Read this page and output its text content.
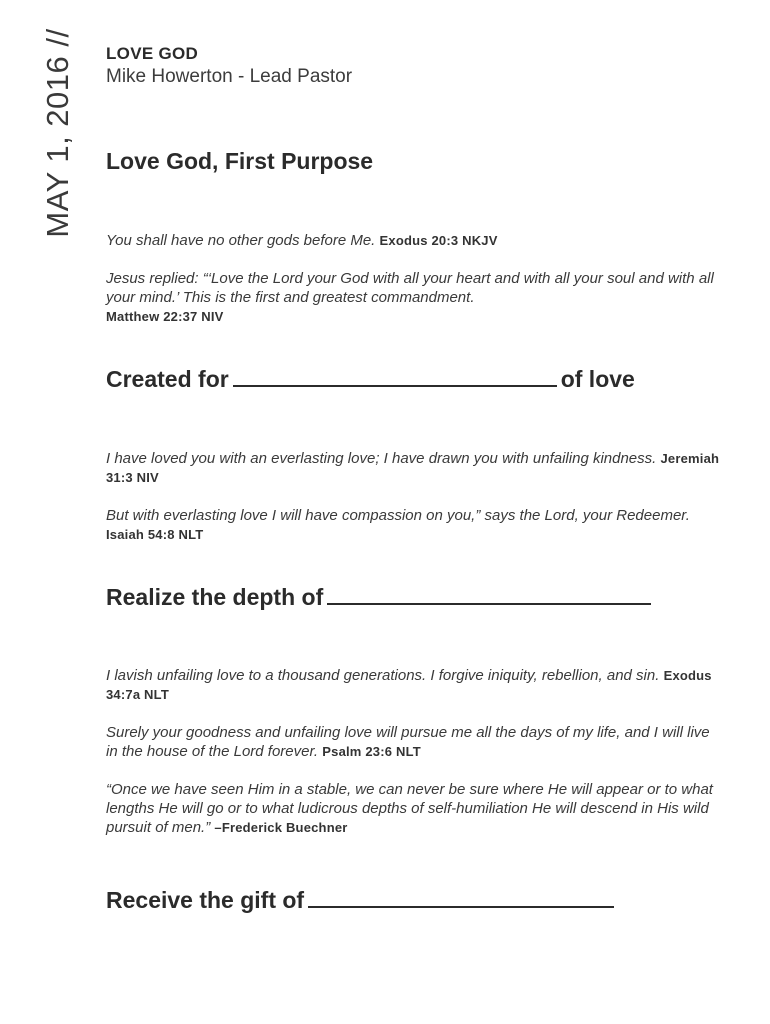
MAY 1, 2016 // LOVE GOD
Mike Howerton - Lead Pastor
Love God, First Purpose
You shall have no other gods before Me. Exodus 20:3 NKJV
Jesus replied: “‘Love the Lord your God with all your heart and with all your soul and with all your mind.’ This is the first and greatest commandment.
Matthew 22:37 NIV
Created for	of love
I have loved you with an everlasting love; I have drawn you with unfailing kindness. Jeremiah 31:3 NIV
But with everlasting love I will have compassion on you,” says the Lord, your Redeemer. Isaiah 54:8 NLT
Realize the depth of
I lavish unfailing love to a thousand generations. I forgive iniquity, rebellion, and sin. Exodus 34:7a NLT
Surely your goodness and unfailing love will pursue me all the days of my life, and I will live in the house of the Lord forever. Psalm 23:6 NLT
“Once we have seen Him in a stable, we can never be sure where He will appear or to what lengths He will go or to what ludicrous depths of self-humiliation He will descend in His wild pursuit of men.” –Frederick Buechner
Receive the gift of
